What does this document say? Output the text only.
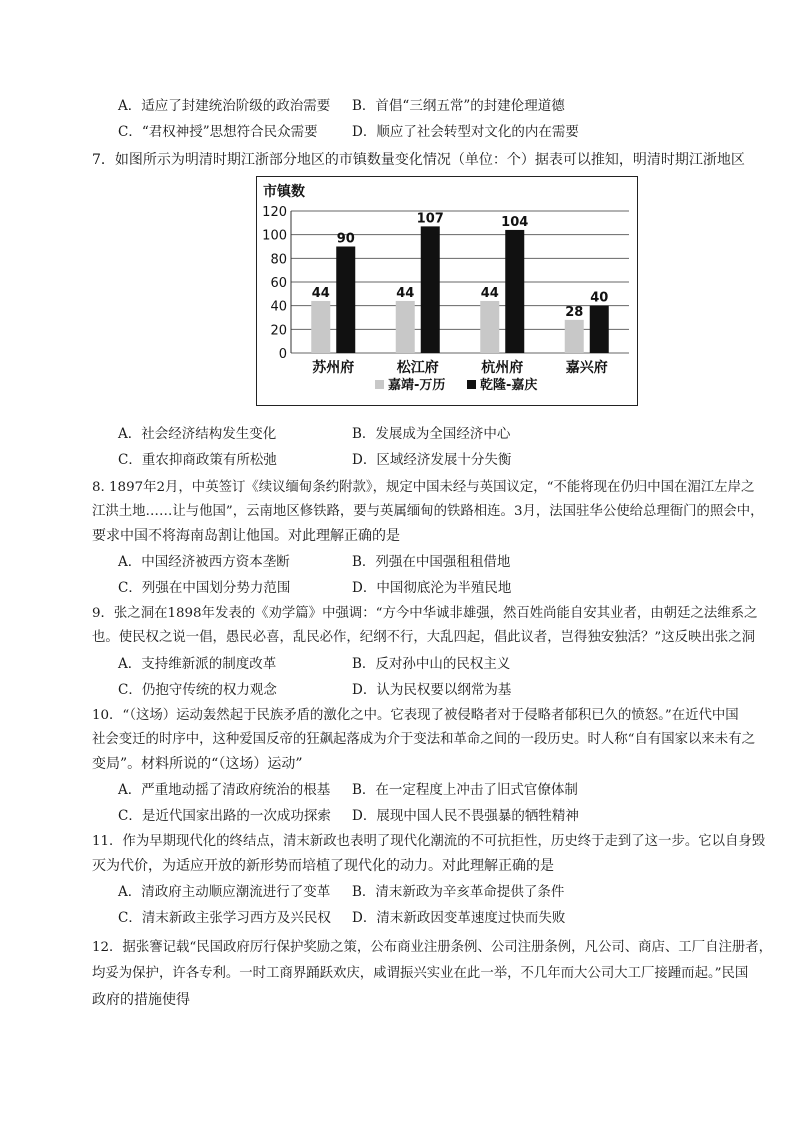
A．适应了封建统治阶级的政治需要 B．首倡“三纲五常”的封建伦理道德
C．“君权神授”思想符合民众需要	D．顺应了社会转型对文化的内在需要
7．如图所示为明清时期江浙部分地区的市镇数量变化情况（单位：个）据表可以推知，明清时期江浙地区
市镇数
0
20
40
60
80
100
120
44
90
苏州府
44
107
松江府
44
104
杭州府
28
40
嘉兴府
嘉靖-万历	乾隆-嘉庆
A．社会经济结构发生变化	B．发展成为全国经济中心
C．重农抑商政策有所松弛	D．区域经济发展十分失衡
8. 1897年2月，中英签订《续议缅甸条约附款》，规定中国未经与英国议定，“不能将现在仍归中国在湄江左岸之
江洪土地……让与他国”，云南地区修铁路，要与英属缅甸的铁路相连。3月，法国驻华公使给总理衙门的照会中，
要求中国不将海南岛割让他国。对此理解正确的是
A．中国经济被西方资本垄断	B．列强在中国强租租借地
C．列强在中国划分势力范围	D．中国彻底沦为半殖民地
9．张之洞在1898年发表的《劝学篇》中强调：“方今中华诚非雄强，然百姓尚能自安其业者，由朝廷之法维系之
也。使民权之说一倡，愚民必喜，乱民必作，纪纲不行，大乱四起，倡此议者，岂得独安独活？”这反映出张之洞
A．支持维新派的制度改革	B．反对孙中山的民权主义
C．仍抱守传统的权力观念	D．认为民权要以纲常为基
10．“（这场）运动轰然起于民族矛盾的激化之中。它表现了被侵略者对于侵略者郁积已久的愤怒。”在近代中国
社会变迁的时序中，这种爱国反帝的狂飙起落成为介于变法和革命之间的一段历史。时人称“自有国家以来未有之
变局”。材料所说的“（这场）运动”
A．严重地动摇了清政府统治的根基 B．在一定程度上冲击了旧式官僚体制
C．是近代国家出路的一次成功探索 D．展现中国人民不畏强暴的牺牲精神
11．作为早期现代化的终结点，清末新政也表明了现代化潮流的不可抗拒性，历史终于走到了这一步。它以自身毁
灭为代价，为适应开放的新形势而培植了现代化的动力。对此理解正确的是
A．清政府主动顺应潮流进行了变革 B．清末新政为辛亥革命提供了条件
C．清末新政主张学习西方及兴民权 D．清末新政因变革速度过快而失败
12．据张謇记载“民国政府厉行保护奖励之策，公布商业注册条例、公司注册条例，凡公司、商店、工厂自注册者，
均妥为保护，许各专利。一时工商界踊跃欢庆，咸谓振兴实业在此一举，不几年而大公司大工厂接踵而起。”民国
政府的措施使得
